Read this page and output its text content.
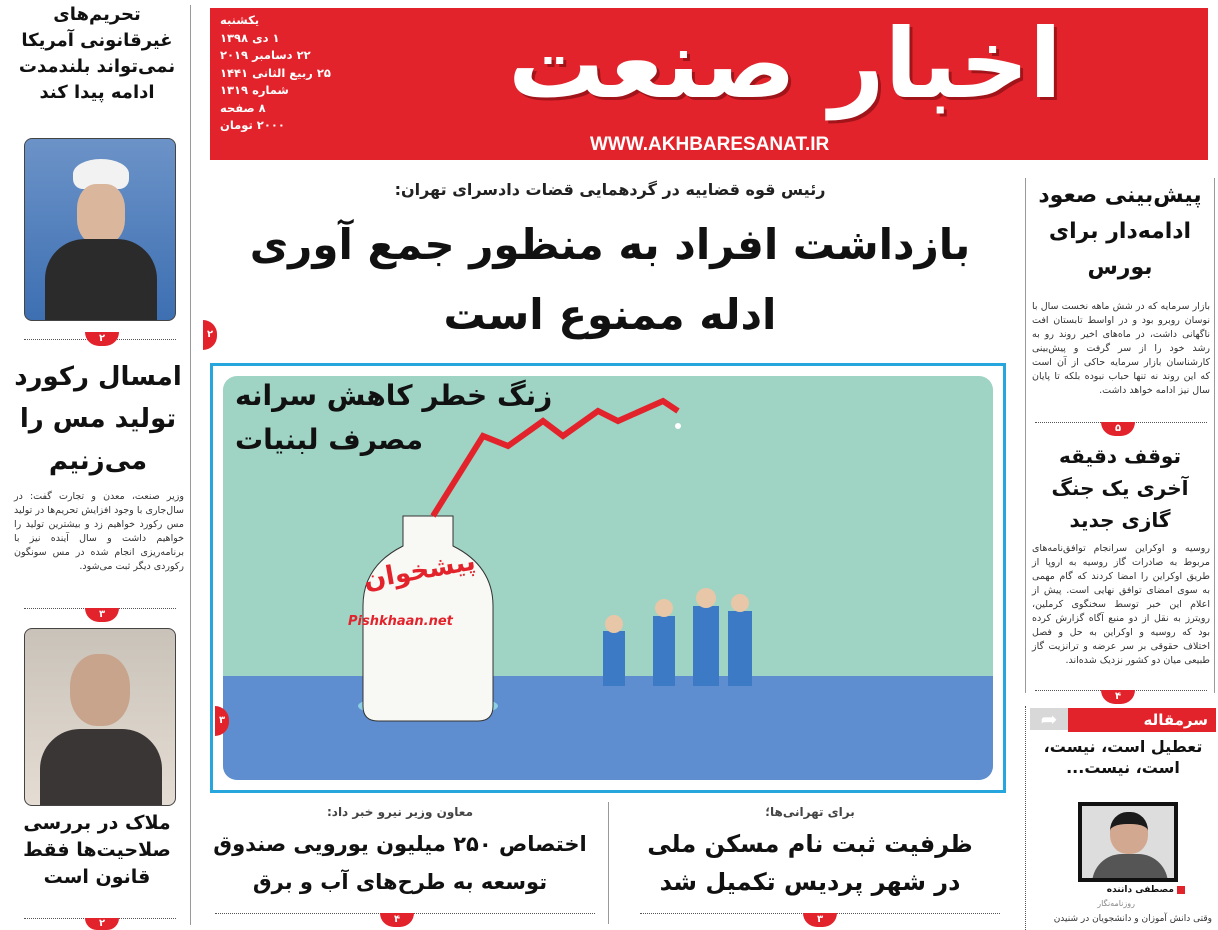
یکشنبه
۱ دی ۱۳۹۸
۲۲ دسامبر ۲۰۱۹
۲۵ ربیع الثانی ۱۴۴۱
شماره ۱۳۱۹
۸ صفحه
۲۰۰۰ تومان
اخبار صنعت
WWW.AKHBARESANAT.IR
تحریم‌های غیرقانونی آمریکا نمی‌تواند بلندمدت ادامه پیدا کند
۲
امسال رکورد تولید مس را می‌زنیم
وزیر صنعت، معدن و تجارت گفت: در سال‌جاری با وجود افزایش تحریم‌ها در تولید مس رکورد خواهیم زد و بیشترین تولید را خواهیم داشت و سال آینده نیز با برنامه‌ریزی انجام شده در مس سونگون رکوردی دیگر ثبت می‌شود.
۳
ملاک در بررسی صلاحیت‌ها فقط قانون است
۲
رئیس قوه قضاییه در گردهمایی قضات دادسرای تهران:
بازداشت افراد به منظور جمع آوری
ادله ممنوع است
۲
زنگ خطر کاهش سرانه
مصرف لبنیات
پیشخوان
Pishkhaan.net
۳
برای تهرانی‌ها؛
ظرفیت ثبت نام مسکن ملی
در شهر پردیس تکمیل شد
۳
معاون وزیر نیرو خبر داد:
اختصاص ۲۵۰ میلیون یورویی صندوق
توسعه به طرح‌های آب و برق
۴
پیش‌بینی صعود ادامه‌دار برای بورس
بازار سرمایه که در شش ماهه نخست سال با نوسان روبرو بود و در اواسط تابستان افت ناگهانی داشت، در ماه‌های اخیر روند رو به رشد خود را از سر گرفت و پیش‌بینی کارشناسان بازار سرمایه حاکی از آن است که این روند نه تنها حباب نبوده بلکه تا پایان سال نیز ادامه خواهد داشت.
۵
توقف دقیقه آخری یک جنگ گازی جدید
روسیه و اوکراین سرانجام توافق‌نامه‌های مربوط به صادرات گاز روسیه به اروپا از طریق اوکراین را امضا کردند که گام مهمی به سوی امضای توافق نهایی است. پیش از اعلام این خبر توسط سخنگوی کرملین، رویترز به نقل از دو منبع آگاه گزارش کرده بود که روسیه و اوکراین به حل و فصل اختلاف حقوقی بر سر عرضه و ترانزیت گاز طبیعی میان دو کشور نزدیک شده‌اند.
۴
➦	سرمقاله
تعطیل است، نیست، است، نیست...
مصطفی داننده
روزنامه‌نگار
وقتی دانش آموزان و دانشجویان در شنیدن
